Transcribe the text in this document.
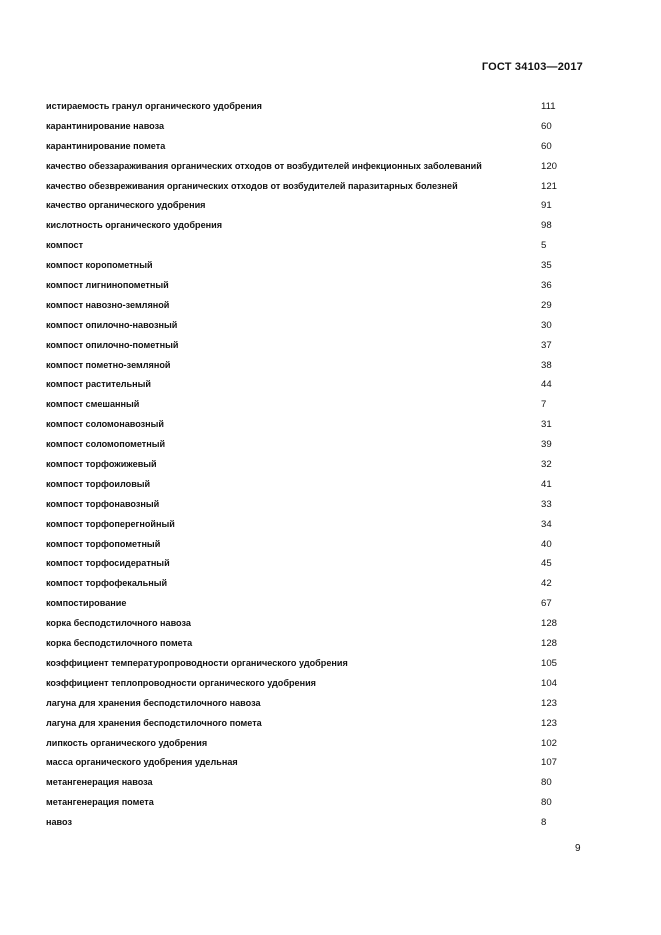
ГОСТ 34103—2017
истираемость гранул органического удобрения	111
карантинирование навоза	60
карантинирование помета	60
качество обеззараживания органических отходов от возбудителей инфекционных заболеваний	120
качество обезвреживания органических отходов от возбудителей паразитарных болезней	121
качество органического удобрения	91
кислотность органического удобрения	98
компост	5
компост коропометный	35
компост лигнинопометный	36
компост навозно-земляной	29
компост опилочно-навозный	30
компост опилочно-пометный	37
компост пометно-земляной	38
компост растительный	44
компост смешанный	7
компост соломонавозный	31
компост соломопометный	39
компост торфожижевый	32
компост торфоиловый	41
компост торфонавозный	33
компост торфоперегнойный	34
компост торфопометный	40
компост торфосидератный	45
компост торфофекальный	42
компостирование	67
корка бесподстилочного навоза	128
корка бесподстилочного помета	128
коэффициент температуропроводности органического удобрения	105
коэффициент теплопроводности органического удобрения	104
лагуна для хранения бесподстилочного навоза	123
лагуна для хранения бесподстилочного помета	123
липкость органического удобрения	102
масса органического удобрения удельная	107
метангенерация навоза	80
метангенерация помета	80
навоз	8
9
